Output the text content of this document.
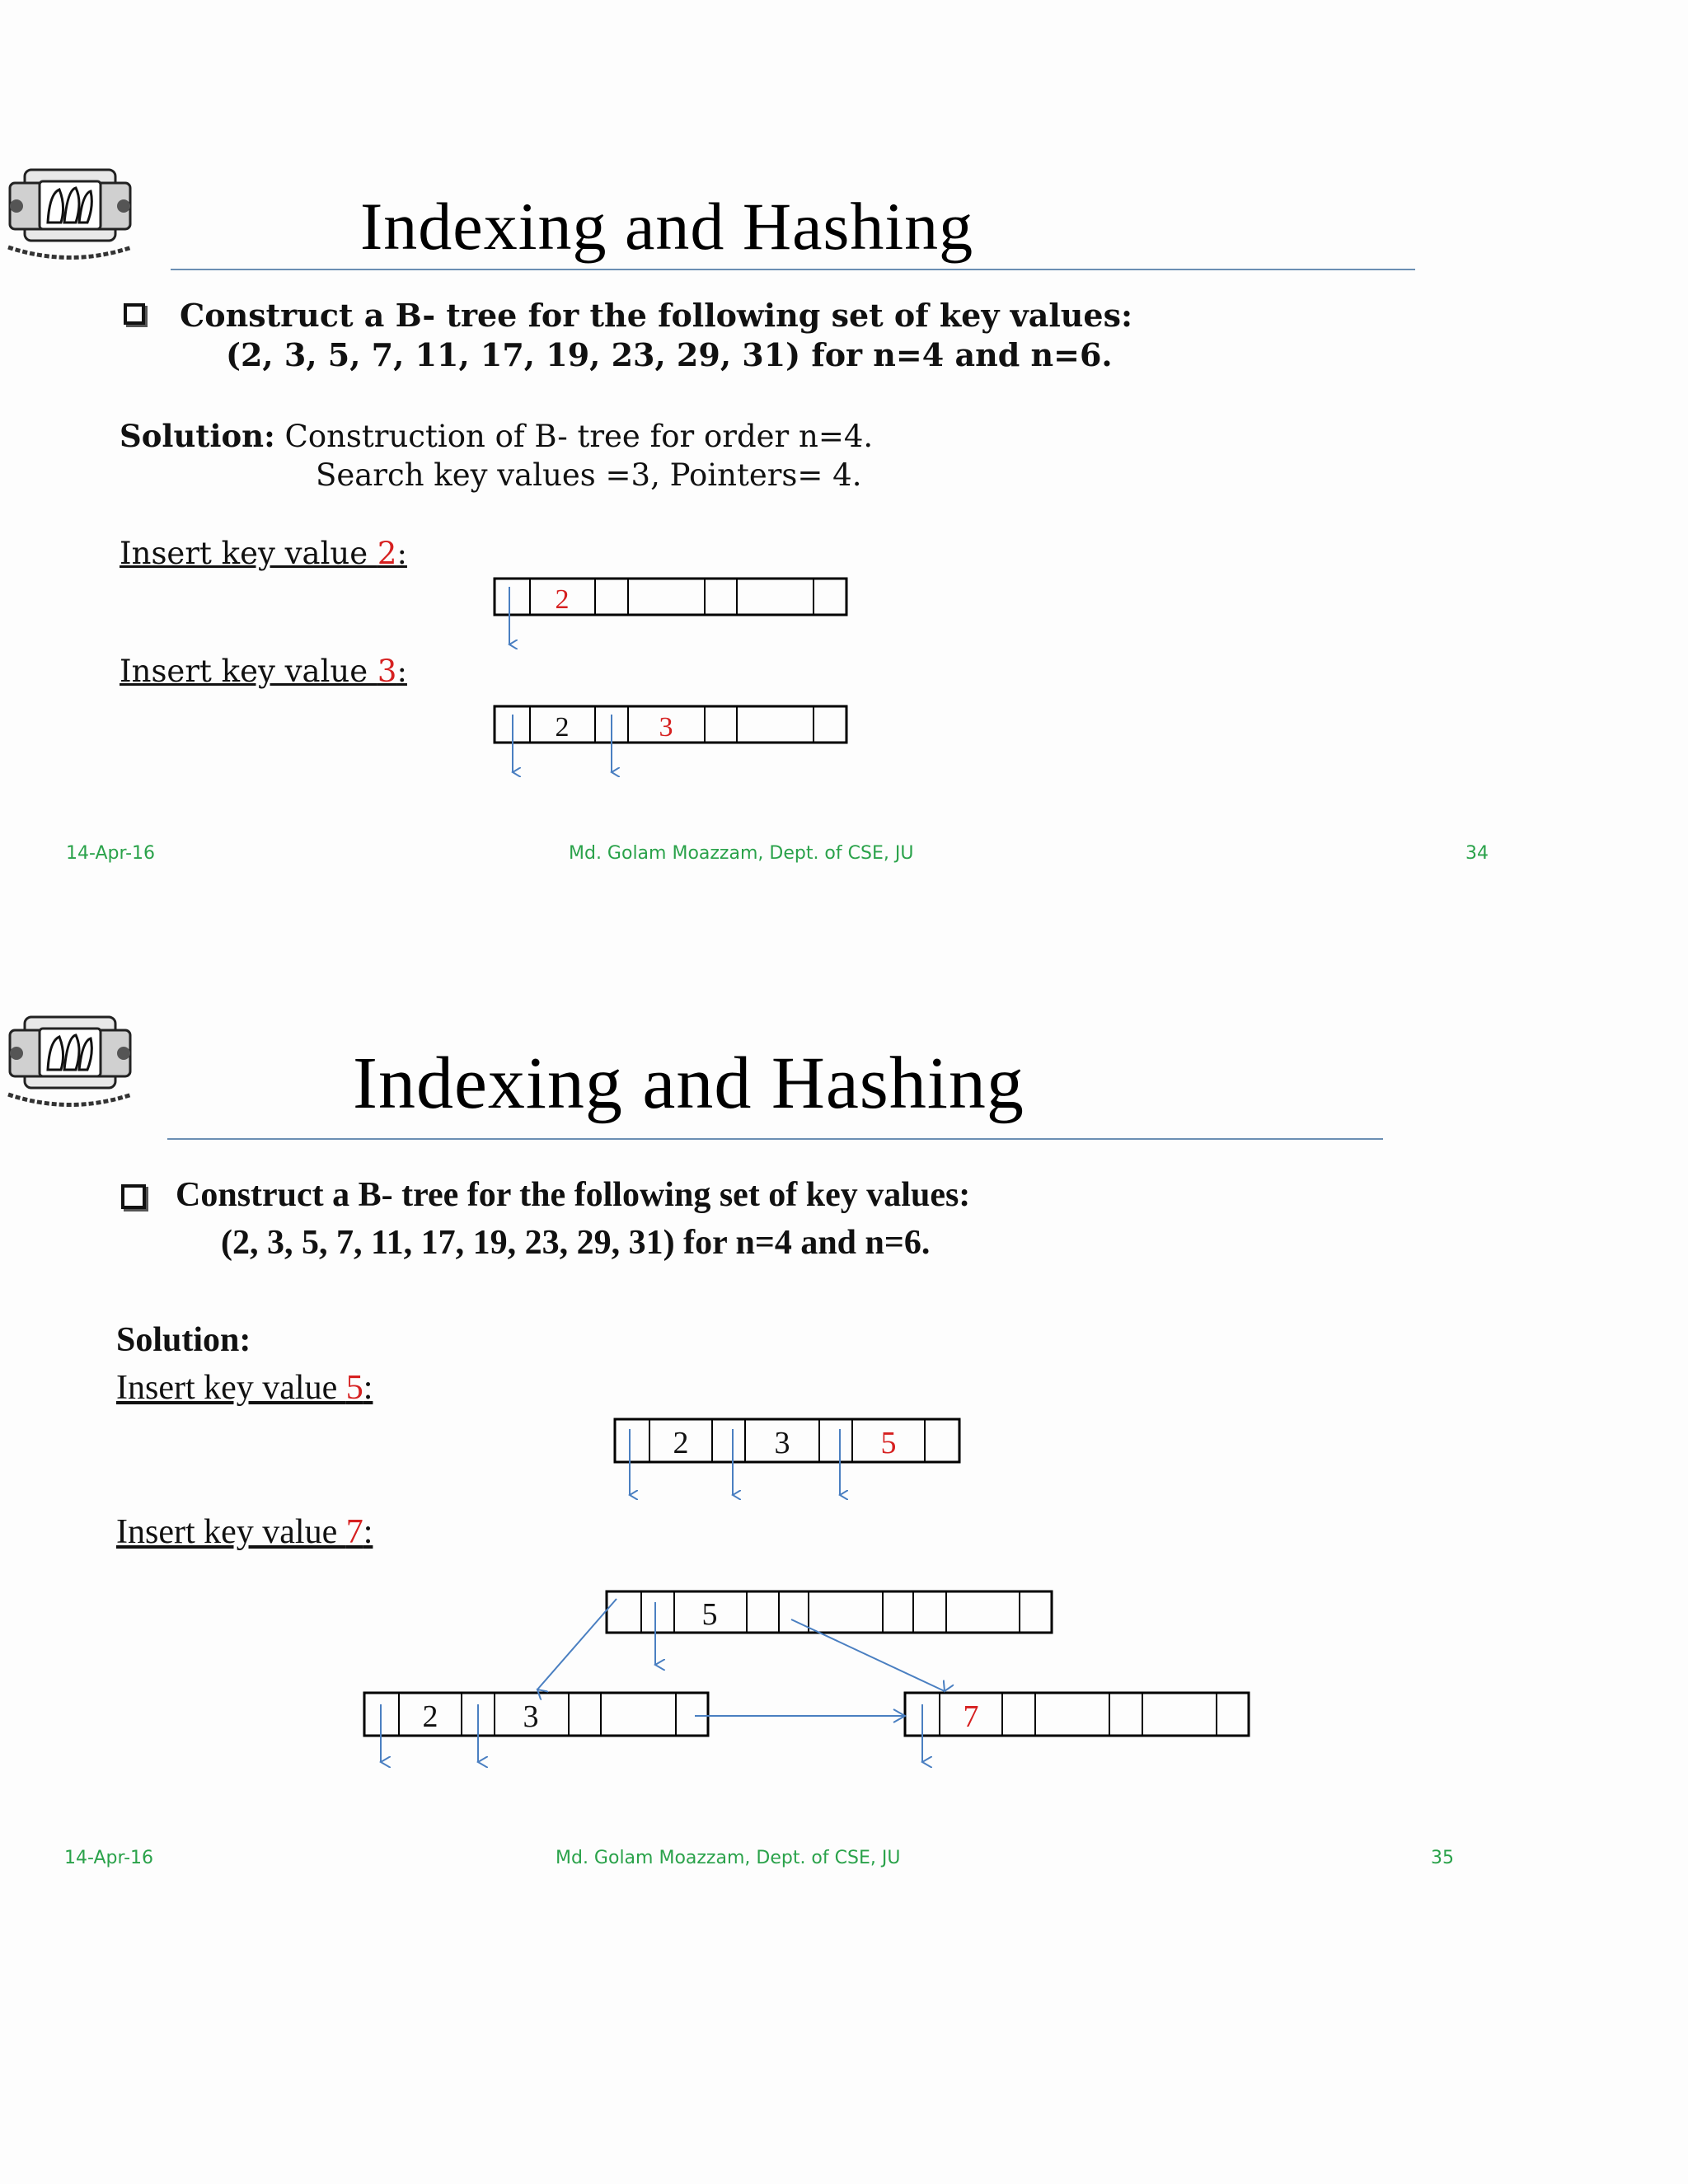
Indexing and Hashing
Construct a B- tree for the following set of key values:
(2, 3, 5, 7, 11, 17, 19, 23, 29, 31) for n=4 and n=6.
Solution: Construction of B- tree for order n=4.
Search key values =3, Pointers= 4.
Insert key value 2:
2
Insert key value 3:
2	3
14-Apr-16	Md. Golam Moazzam, Dept. of CSE, JU	34
Indexing and Hashing
Construct a B- tree for the following set of key values:
(2, 3, 5, 7, 11, 17, 19, 23, 29, 31) for n=4 and n=6.
Solution:
Insert key value 5:
2	3	5
Insert key value 7:
5
2	3	7
14-Apr-16	Md. Golam Moazzam, Dept. of CSE, JU	35
